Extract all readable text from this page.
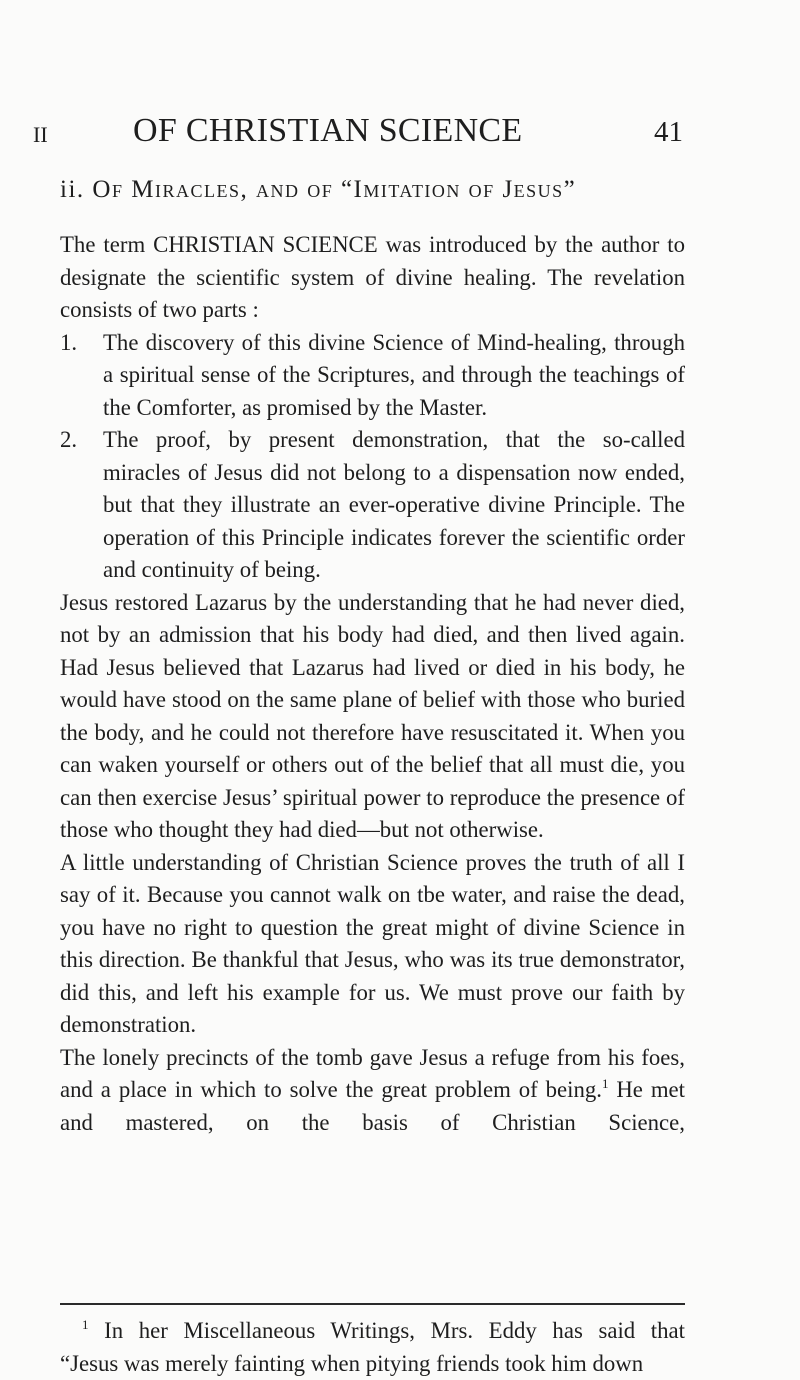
II	OF CHRISTIAN SCIENCE	41
ii. Of Miracles, and of “Imitation of Jesus”

The term CHRISTIAN SCIENCE was introduced by the author to designate the scientific system of divine healing. The revelation consists of two parts :

1. The discovery of this divine Science of Mind-healing, through a spiritual sense of the Scriptures, and through the teachings of the Comforter, as promised by the Master.

2. The proof, by present demonstration, that the so-called miracles of Jesus did not belong to a dispensation now ended, but that they illustrate an ever-operative divine Principle. The operation of this Principle indicates forever the scientific order and continuity of being.

Jesus restored Lazarus by the understanding that he had never died, not by an admission that his body had died, and then lived again. Had Jesus believed that Lazarus had lived or died in his body, he would have stood on the same plane of belief with those who buried the body, and he could not therefore have resuscitated it. When you can waken yourself or others out of the belief that all must die, you can then exercise Jesus’ spiritual power to reproduce the presence of those who thought they had died—but not otherwise.

A little understanding of Christian Science proves the truth of all I say of it. Because you cannot walk on tbe water, and raise the dead, you have no right to question the great might of divine Science in this direction. Be thankful that Jesus, who was its true demonstrator, did this, and left his example for us. We must prove our faith by demonstration.

The lonely precincts of the tomb gave Jesus a refuge from his foes, and a place in which to solve the great problem of being.$^1$ He met and mastered, on the basis of Christian Science,

$^1$ In her Miscellaneous Writings, Mrs. Eddy has said that

“Jesus was merely fainting when pitying friends took him down
